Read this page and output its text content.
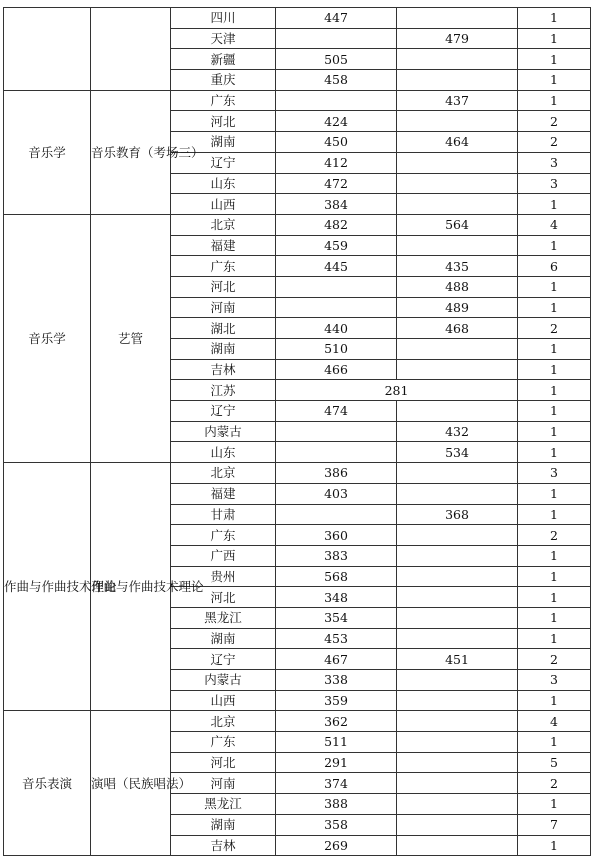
		四川	447		1
		天津		479	1
		新疆	505		1
		重庆	458		1
音乐学	音乐教育（考场三）	广东		437	1
		河北	424		2
		湖南	450	464	2
		辽宁	412		3
		山东	472		3
		山西	384		1
音乐学	艺管	北京	482	564	4
		福建	459		1
		广东	445	435	6
		河北		488	1
		河南		489	1
		湖北	440	468	2
		湖南	510		1
		吉林	466		1
		江苏	281		1
		辽宁	474		1
		内蒙古		432	1
		山东		534	1
作曲与作曲技术理论	作曲与作曲技术理论	北京	386		3
		福建	403		1
		甘肃		368	1
		广东	360		2
		广西	383		1
		贵州	568		1
		河北	348		1
		黑龙江	354		1
		湖南	453		1
		辽宁	467	451	2
		内蒙古	338		3
		山西	359		1
音乐表演	演唱（民族唱法）	北京	362		4
		广东	511		1
		河北	291		5
		河南	374		2
		黑龙江	388		1
		湖南	358		7
		吉林	269		1
